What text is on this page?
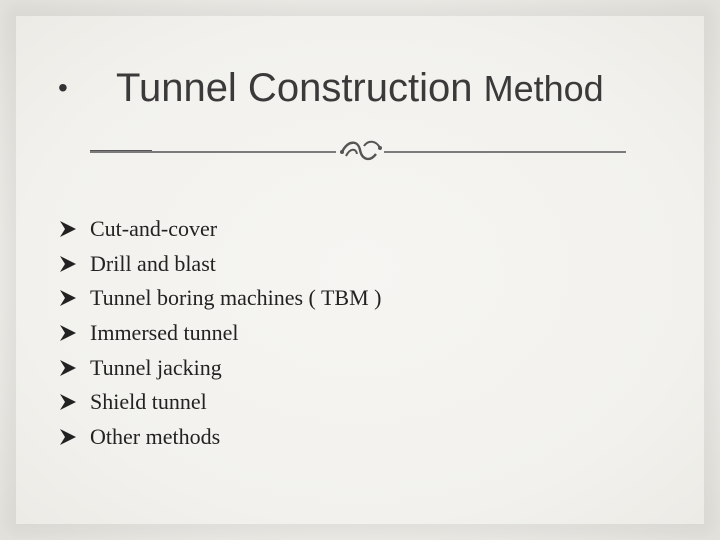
• Tunnel Construction Method
Cut-and-cover
Drill and blast
Tunnel boring machines ( TBM )
Immersed tunnel
Tunnel jacking
Shield tunnel
Other methods
